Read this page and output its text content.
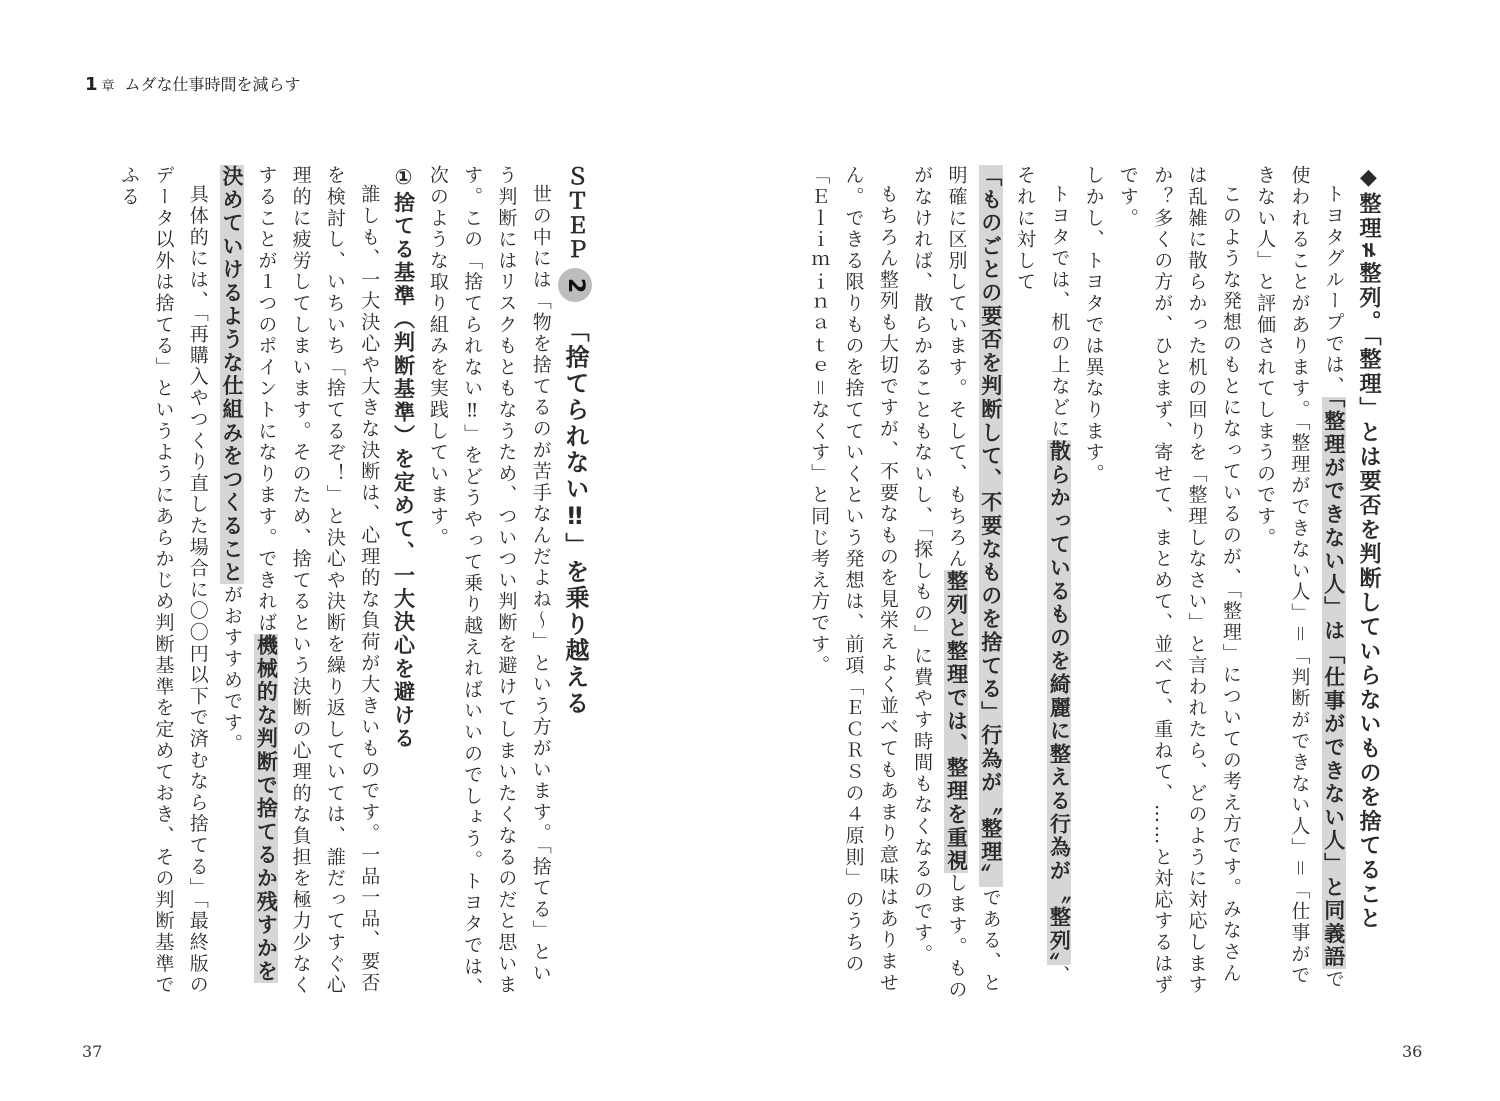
1 章 ムダな仕事時間を減らす

◆整理≠整列。「整理」とは要否を判断していらないものを捨てること

トヨタグループでは、「整理ができない人」は「仕事ができない人」と同義語で使われることがあります。「整理ができない人」＝「判断ができない人」＝「仕事ができない人」と評価されてしまうのです。

このような発想のもとになっているのが、「整理」についての考え方です。みなさんは乱雑に散らかった机の回りを「整理しなさい」と言われたら、どのように対応しますか？多くの方が、ひとまず、寄せて、まとめて、並べて、重ねて、……と対応するはずです。

しかし、トヨタでは異なります。

トヨタでは、机の上などに散らかっているものを綺麗に整える行為が〝整列〟、それに対して「ものごとの要否を判断して、不要なものを捨てる」行為が〝整理〟である、と明確に区別しています。そして、もちろん整列と整理では、整理を重視します。ものがなければ、散らかることもないし、「探しもの」に費やす時間もなくなるのです。

もちろん整列も大切ですが、不要なものを見栄えよく並べてもあまり意味はありません。できる限りものを捨てていくという発想は、前項「ＥＣＲＳの４原則」のうちの「Ｅｌｉｍｉｎａｔｅ＝なくす」と同じ考え方です。

ＳＴＥＰ2「捨てられない‼」を乗り越える

世の中には「物を捨てるのが苦手なんだよね〜」という方がいます。「捨てる」という判断にはリスクもともなうため、ついつい判断を避けてしまいたくなるのだと思います。この「捨てられない‼」をどうやって乗り越えればいいのでしょう。トヨタでは、次のような取り組みを実践しています。

①捨てる基準（判断基準）を定めて、一大決心を避ける

誰しも、一大決心や大きな決断は、心理的な負荷が大きいものです。一品一品、要否を検討し、いちいち「捨てるぞ！」と決心や決断を繰り返していては、誰だってすぐ心理的に疲労してしまいます。そのため、捨てるという決断の心理的な負担を極力少なくすることが１つのポイントになります。できれば機械的な判断で捨てるか残すかを決めていけるような仕組みをつくることがおすすめです。

具体的には、「再購入やつくり直した場合に〇〇円以下で済むなら捨てる」「最終版のデータ以外は捨てる」というようにあらかじめ判断基準を定めておき、その判断基準でふる

37	36
